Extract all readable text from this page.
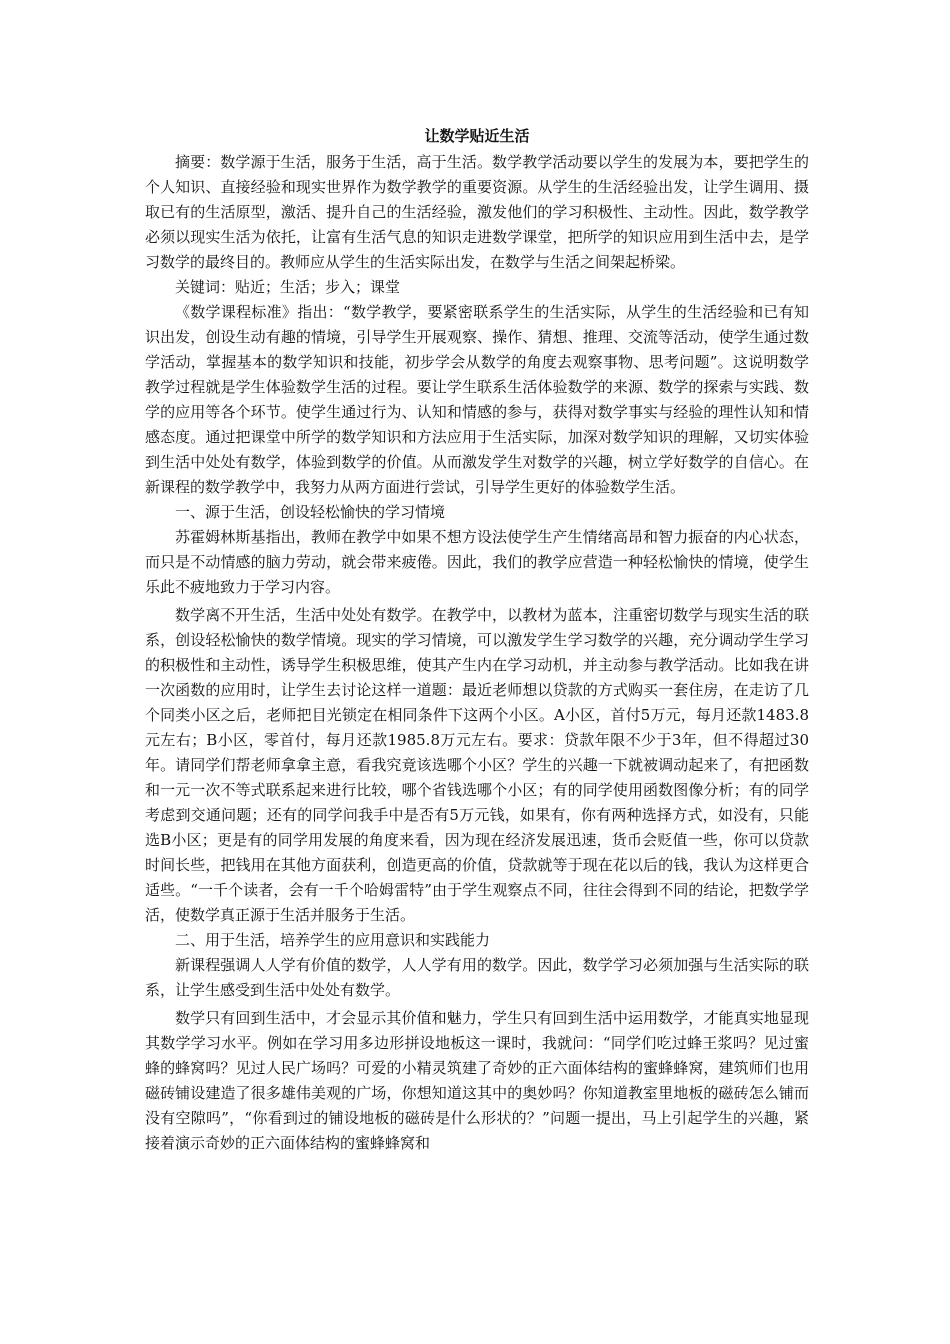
让数学贴近生活

摘要：数学源于生活，服务于生活，高于生活。数学教学活动要以学生的发展为本，要把学生的个人知识、直接经验和现实世界作为数学教学的重要资源。从学生的生活经验出发，让学生调用、摄取已有的生活原型，激活、提升自己的生活经验，激发他们的学习积极性、主动性。因此，数学教学必须以现实生活为依托，让富有生活气息的知识走进数学课堂，把所学的知识应用到生活中去，是学习数学的最终目的。教师应从学生的生活实际出发，在数学与生活之间架起桥梁。

关键词：贴近；生活；步入；课堂

《数学课程标准》指出：“数学教学，要紧密联系学生的生活实际，从学生的生活经验和已有知识出发，创设生动有趣的情境，引导学生开展观察、操作、猜想、推理、交流等活动，使学生通过数学活动，掌握基本的数学知识和技能，初步学会从数学的角度去观察事物、思考问题”。这说明数学教学过程就是学生体验数学生活的过程。要让学生联系生活体验数学的来源、数学的探索与实践、数学的应用等各个环节。使学生通过行为、认知和情感的参与，获得对数学事实与经验的理性认知和情感态度。通过把课堂中所学的数学知识和方法应用于生活实际，加深对数学知识的理解，又切实体验到生活中处处有数学，体验到数学的价值。从而激发学生对数学的兴趣，树立学好数学的自信心。在新课程的数学教学中，我努力从两方面进行尝试，引导学生更好的体验数学生活。

一、源于生活，创设轻松愉快的学习情境

苏霍姆林斯基指出，教师在教学中如果不想方设法使学生产生情绪高昂和智力振奋的内心状态，而只是不动情感的脑力劳动，就会带来疲倦。因此，我们的教学应营造一种轻松愉快的情境，使学生乐此不疲地致力于学习内容。

数学离不开生活，生活中处处有数学。在教学中，以教材为蓝本，注重密切数学与现实生活的联系，创设轻松愉快的数学情境。现实的学习情境，可以激发学生学习数学的兴趣，充分调动学生学习的积极性和主动性，诱导学生积极思维，使其产生内在学习动机，并主动参与教学活动。比如我在讲一次函数的应用时，让学生去讨论这样一道题：最近老师想以贷款的方式购买一套住房，在走访了几个同类小区之后，老师把目光锁定在相同条件下这两个小区。A小区，首付5万元，每月还款1483.8元左右；B小区，零首付，每月还款1985.8万元左右。要求：贷款年限不少于3年，但不得超过30年。请同学们帮老师拿拿主意，看我究竟该选哪个小区？学生的兴趣一下就被调动起来了，有把函数和一元一次不等式联系起来进行比较，哪个省钱选哪个小区；有的同学使用函数图像分析；有的同学考虑到交通问题；还有的同学问我手中是否有5万元钱，如果有，你有两种选择方式，如没有，只能选B小区；更是有的同学用发展的角度来看，因为现在经济发展迅速，货币会贬值一些，你可以贷款时间长些，把钱用在其他方面获利，创造更高的价值，贷款就等于现在花以后的钱，我认为这样更合适些。“一千个读者，会有一千个哈姆雷特”由于学生观察点不同，往往会得到不同的结论，把数学学活，使数学真正源于生活并服务于生活。

二、用于生活，培养学生的应用意识和实践能力

新课程强调人人学有价值的数学，人人学有用的数学。因此，数学学习必须加强与生活实际的联系，让学生感受到生活中处处有数学。

数学只有回到生活中，才会显示其价值和魅力，学生只有回到生活中运用数学，才能真实地显现其数学学习水平。例如在学习用多边形拼设地板这一课时，我就问：“同学们吃过蜂王浆吗？见过蜜蜂的蜂窝吗？见过人民广场吗？可爱的小精灵筑建了奇妙的正六面体结构的蜜蜂蜂窝，建筑师们也用磁砖铺设建造了很多雄伟美观的广场，你想知道这其中的奥妙吗？你知道教室里地板的磁砖怎么铺而没有空隙吗”，“你看到过的铺设地板的磁砖是什么形状的？”问题一提出，马上引起学生的兴趣，紧接着演示奇妙的正六面体结构的蜜蜂蜂窝和
